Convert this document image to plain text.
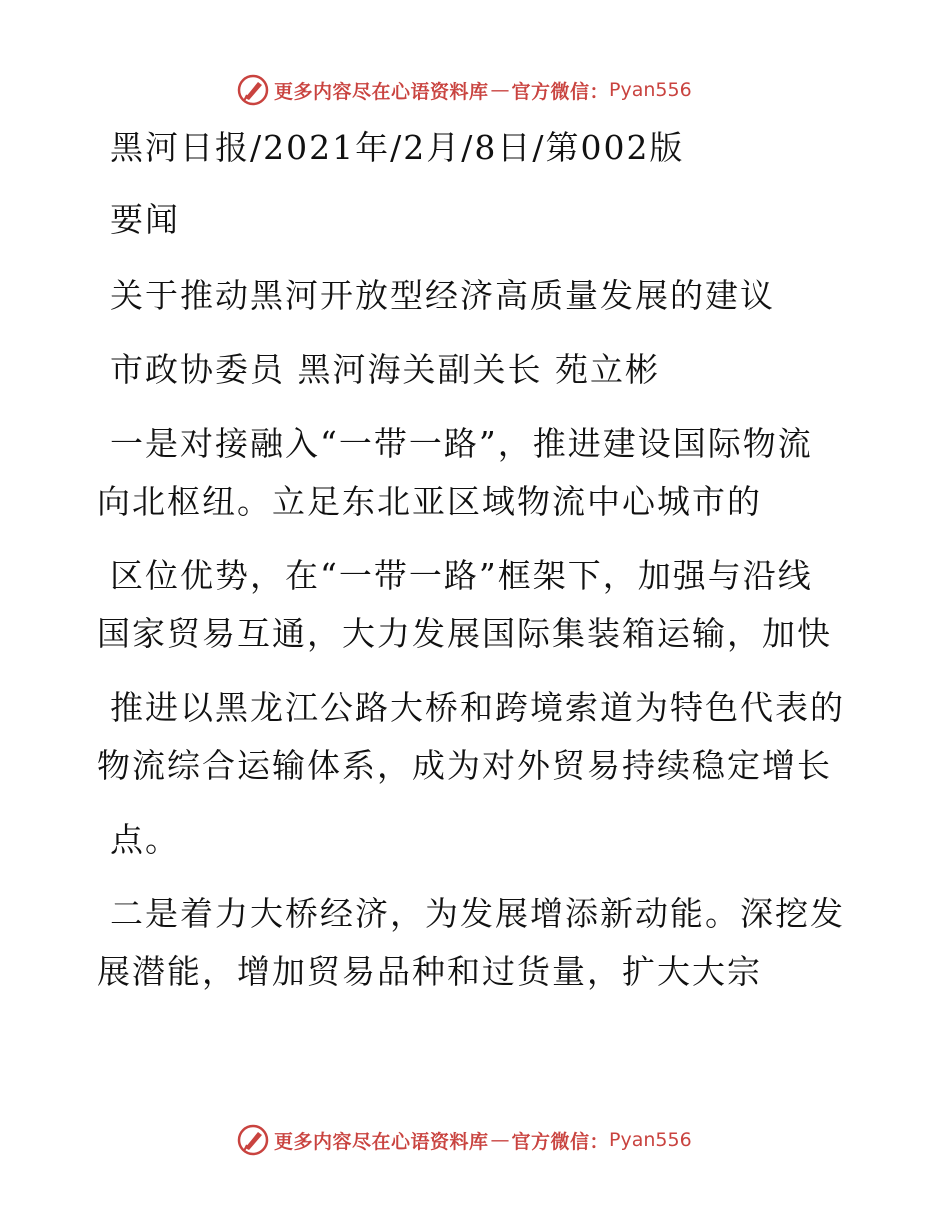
更多内容尽在心语资料库 — 官方微信： Pyan556
黑河日报/2021年/2月/8日/第002版
要闻
关于推动黑河开放型经济高质量发展的建议
市政协委员 黑河海关副关长 苑立彬
一是对接融入“一带一路”，推进建设国际物流
向北枢纽。立足东北亚区域物流中心城市的
区位优势，在“一带一路”框架下，加强与沿线
国家贸易互通，大力发展国际集装箱运输，加快
推进以黑龙江公路大桥和跨境索道为特色代表的
物流综合运输体系，成为对外贸易持续稳定增长
点。
二是着力大桥经济，为发展增添新动能。深挖发
展潜能，增加贸易品种和过货量，扩大大宗
更多内容尽在心语资料库 — 官方微信： Pyan556
